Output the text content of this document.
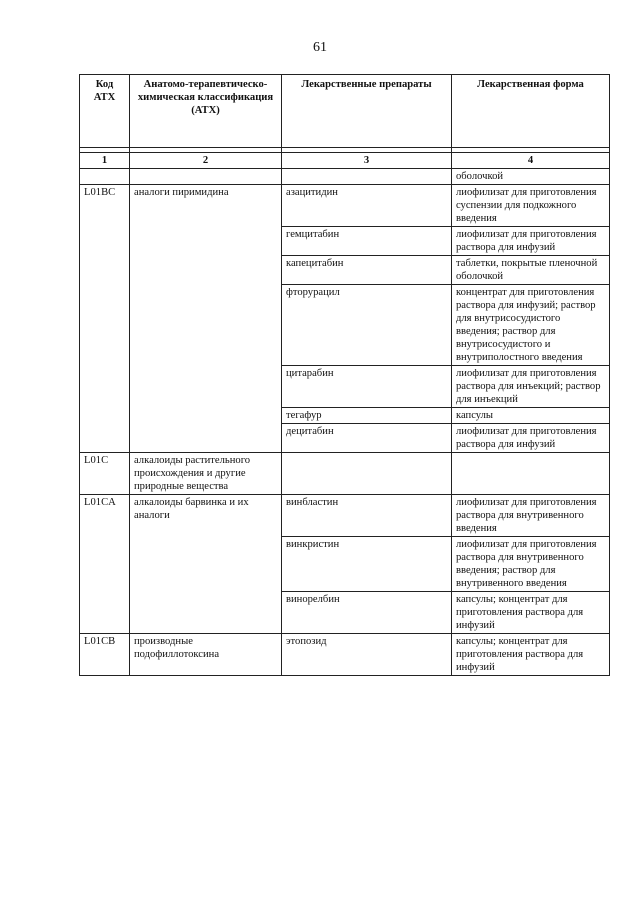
61
Код АТХ	Анатомо-терапевтическо-химическая классификация (АТХ)	Лекарственные препараты	Лекарственная форма

1	2	3	4
			оболочкой
L01BC	аналоги пиримидина	азацитидин	лиофилизат для приготовления суспензии для подкожного введения
		гемцитабин	лиофилизат для приготовления раствора для инфузий
		капецитабин	таблетки, покрытые пленочной оболочкой
		фторурацил	концентрат для приготовления раствора для инфузий; раствор для внутрисосудистого введения; раствор для внутрисосудистого и внутриполостного введения
		цитарабин	лиофилизат для приготовления раствора для инъекций; раствор для инъекций
		тегафур	капсулы
		децитабин	лиофилизат для приготовления раствора для инфузий
L01C	алкалоиды растительного происхождения и другие природные вещества		
L01CA	алкалоиды барвинка и их аналоги	винбластин	лиофилизат для приготовления раствора для внутривенного введения
		винкристин	лиофилизат для приготовления раствора для внутривенного введения; раствор для внутривенного введения
		винорелбин	капсулы; концентрат для приготовления раствора для инфузий
L01CB	производные подофиллотоксина	этопозид	капсулы; концентрат для приготовления раствора для инфузий
